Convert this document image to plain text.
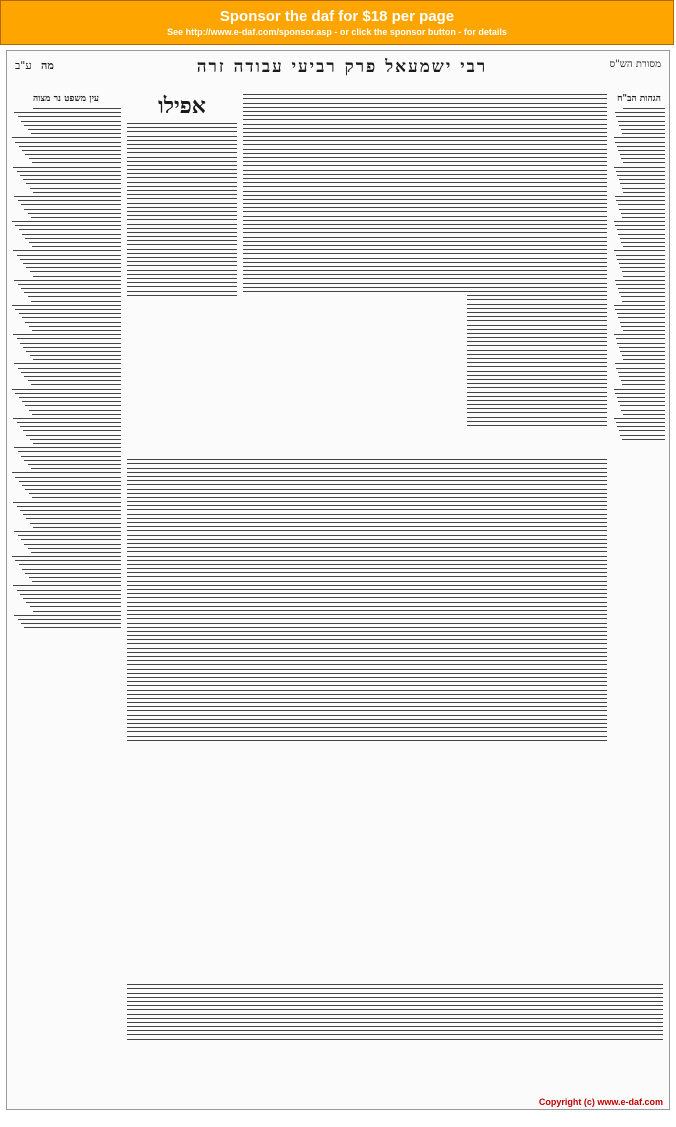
Sponsor the daf for $18 per page
See http://www.e-daf.com/sponsor.asp - or click the sponsor button - for details
ע"ב מה	רבי ישמעאל פרק רביעי עבודה זרה	מסורת הש"ס
הגהות הב"ח
עין משפט נר מצוה	אפילו
Copyright (c) www.e-daf.com
